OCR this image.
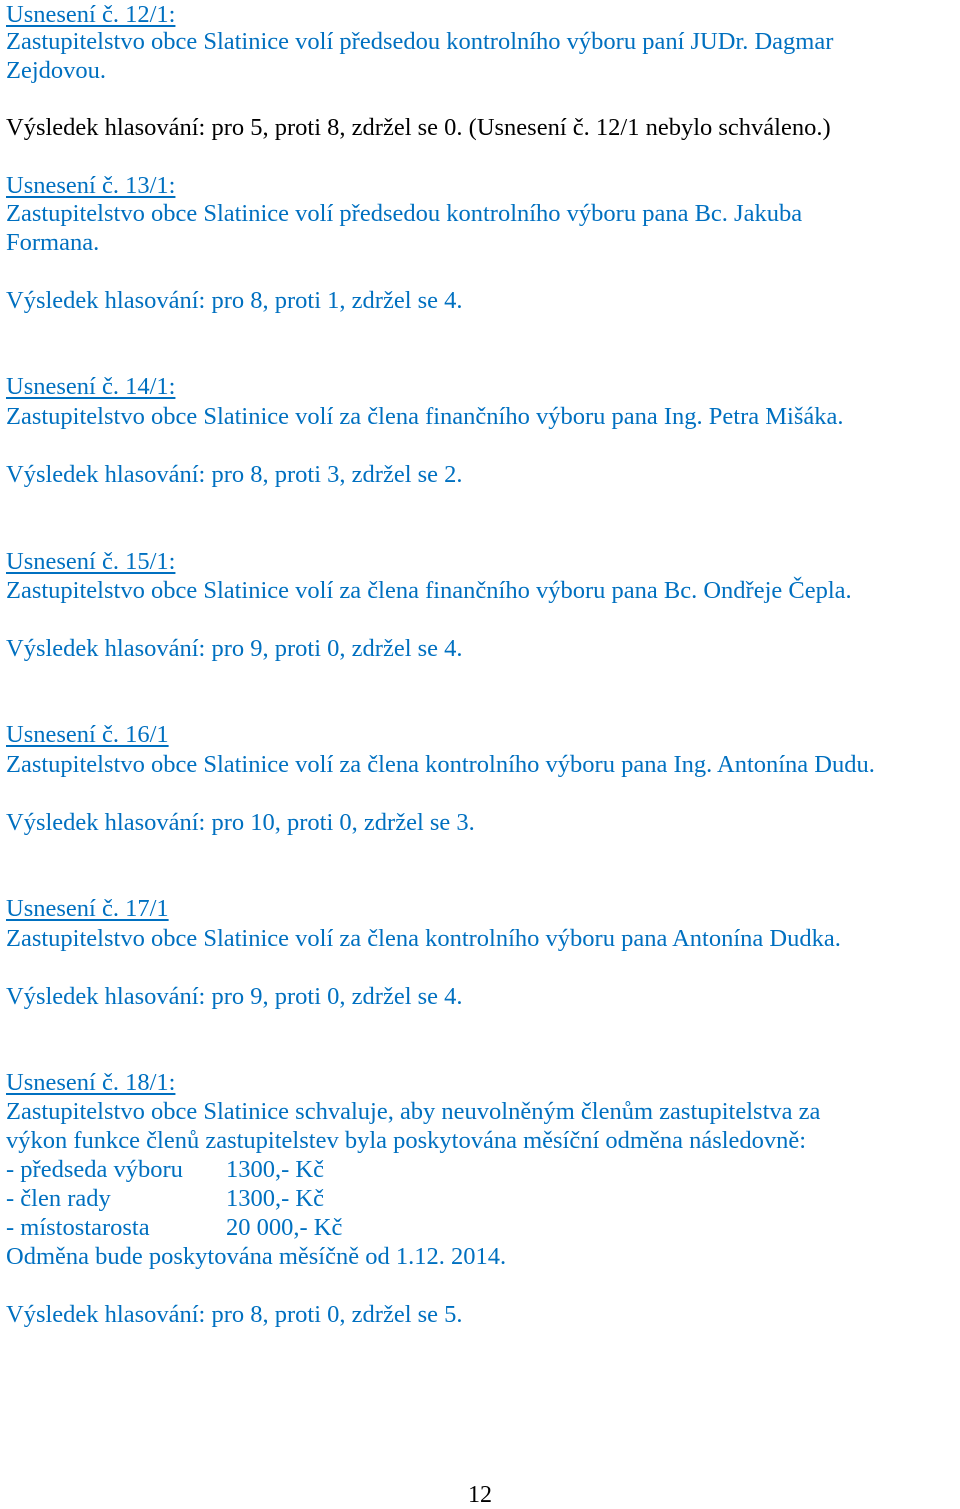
Usnesení č. 12/1:

Zastupitelstvo obce Slatinice volí předsedou kontrolního výboru paní JUDr. Dagmar

Zejdovou.

Výsledek hlasování: pro 5, proti 8, zdržel se 0. (Usnesení č. 12/1 nebylo schváleno.)

Usnesení č. 13/1:

Zastupitelstvo obce Slatinice volí předsedou kontrolního výboru pana Bc. Jakuba

Formana.

Výsledek hlasování: pro 8, proti 1, zdržel se 4.

Usnesení č. 14/1:

Zastupitelstvo obce Slatinice volí za člena finančního výboru pana Ing. Petra Mišáka.

Výsledek hlasování: pro 8, proti 3, zdržel se 2.

Usnesení č. 15/1:

Zastupitelstvo obce Slatinice volí za člena finančního výboru pana Bc. Ondřeje Čepla.

Výsledek hlasování: pro 9, proti 0, zdržel se 4.

Usnesení č. 16/1

Zastupitelstvo obce Slatinice volí za člena kontrolního výboru pana Ing. Antonína Dudu.

Výsledek hlasování: pro 10, proti 0, zdržel se 3.

Usnesení č. 17/1

Zastupitelstvo obce Slatinice volí za člena kontrolního výboru pana Antonína Dudka.

Výsledek hlasování: pro 9, proti 0, zdržel se 4.

Usnesení č. 18/1:

Zastupitelstvo obce Slatinice schvaluje, aby neuvolněným členům zastupitelstva za

výkon funkce členů zastupitelstev byla poskytována měsíční odměna následovně:

- předseda výboru 1300,- Kč

- člen rady	1300,- Kč

- místostarosta	20 000,- Kč

Odměna bude poskytována měsíčně od 1.12. 2014.

Výsledek hlasování: pro 8, proti 0, zdržel se 5.

12
